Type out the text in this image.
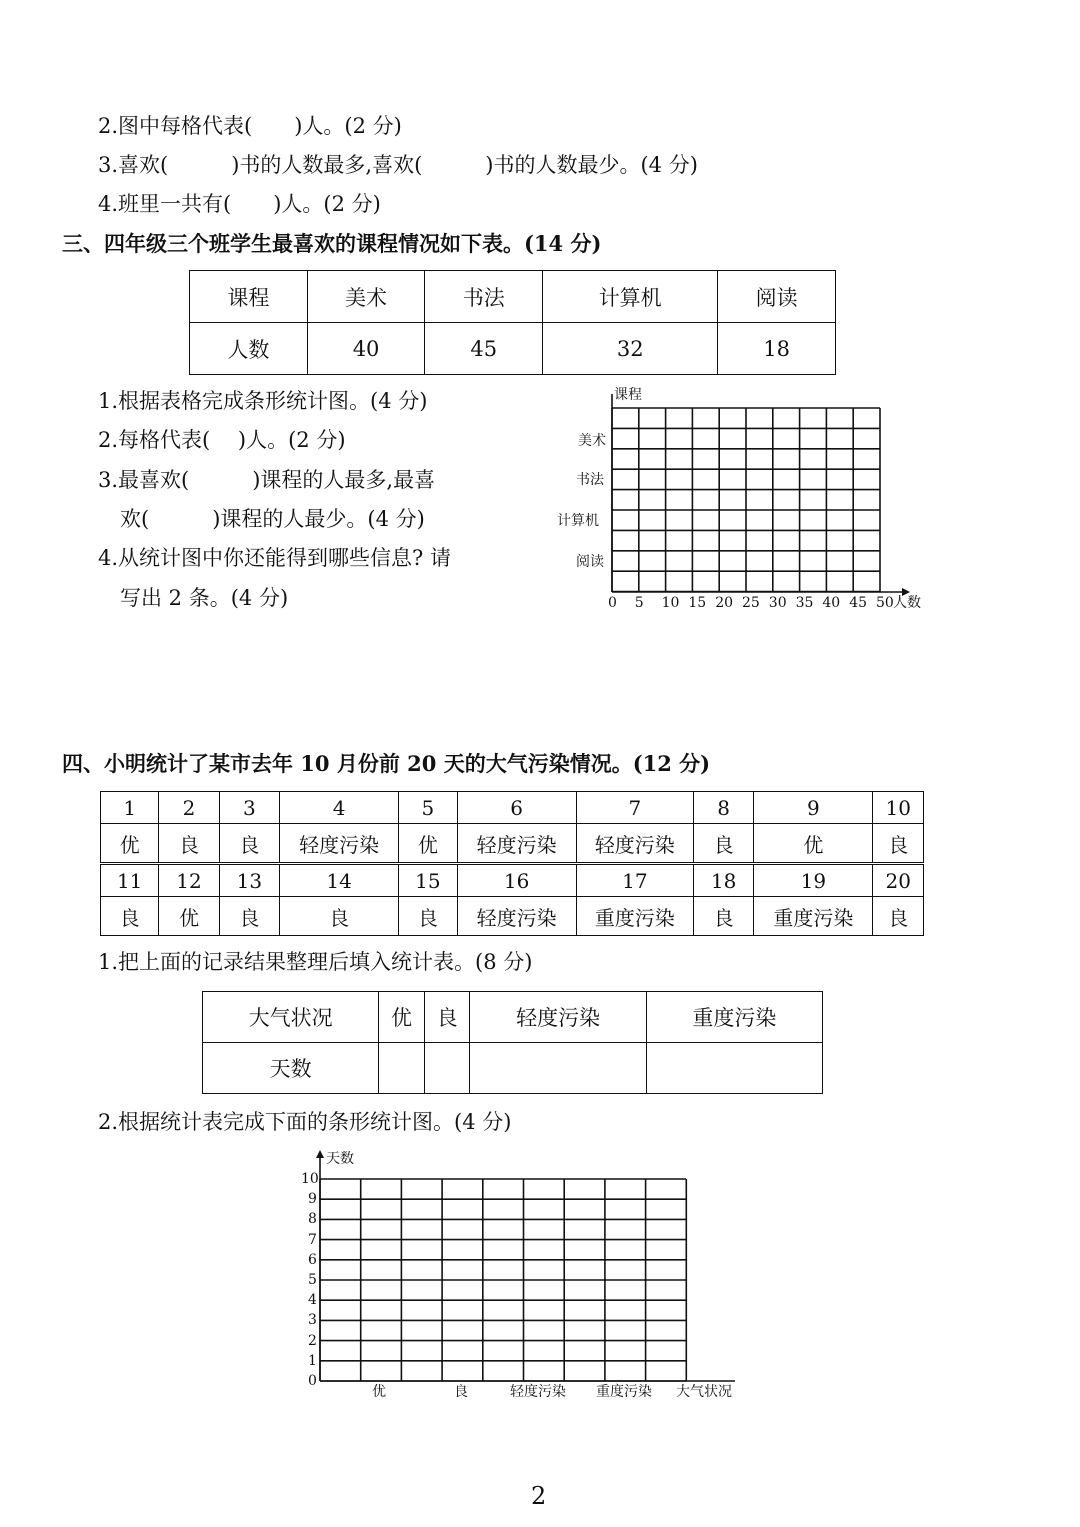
2.图中每格代表(　　)人。(2 分)
3.喜欢(　　　)书的人数最多,喜欢(　　　)书的人数最少。(4 分)
4.班里一共有(　　)人。(2 分)
三、四年级三个班学生最喜欢的课程情况如下表。(14 分)
课程	美术	书法	计算机	阅读
人数	40	45	32	18
1.根据表格完成条形统计图。(4 分)
2.每格代表(　 )人。(2 分)
3.最喜欢(　　　)课程的人最多,最喜
欢(　　　)课程的人最少。(4 分)
4.从统计图中你还能得到哪些信息? 请
写出 2 条。(4 分)
课程
美术
书法
计算机
阅读
0 5 10 15 20 25 30 35 40 45 50 人数
四、小明统计了某市去年 10 月份前 20 天的大气污染情况。(12 分)
1	2	3	4	5	6	7	8	9	10
优	良	良	轻度污染	优	轻度污染	轻度污染	良	优	良
11	12	13	14	15	16	17	18	19	20
良	优	良	良	良	轻度污染	重度污染	良	重度污染	良
1.把上面的记录结果整理后填入统计表。(8 分)
大气状况	优	良	轻度污染	重度污染
天数				
2.根据统计表完成下面的条形统计图。(4 分)
天数
0
1
2
3
4
5
6
7
8
9
10
优	良	轻度污染 重度污染 大气状况
2
